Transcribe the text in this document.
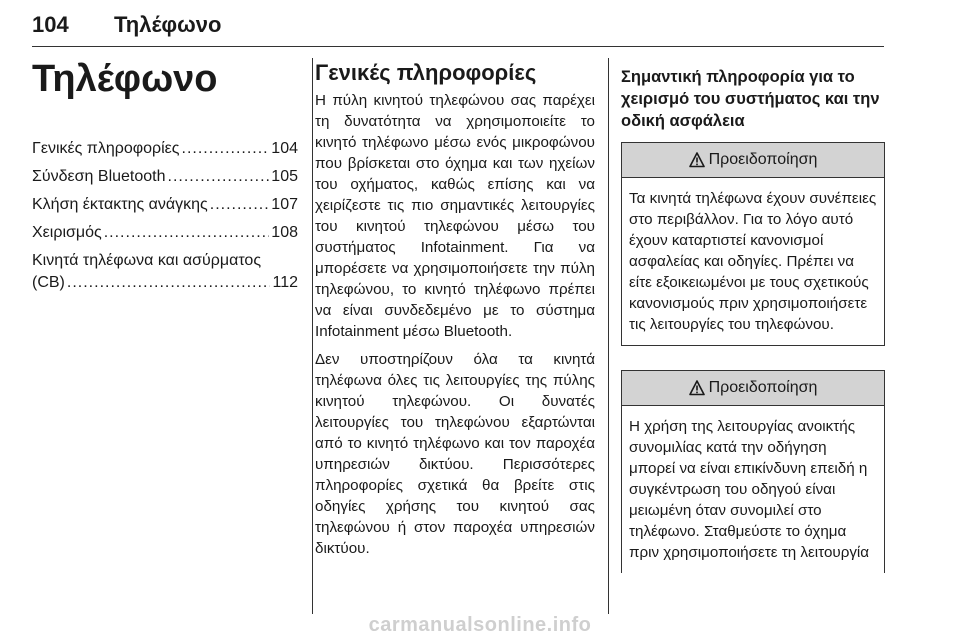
104 Τηλέφωνο
Τηλέφωνο
Γενικές πληροφορίες .....	104
Σύνδεση Bluetooth .....	105
Κλήση έκτακτης ανάγκης .....	107
Χειρισμός .....	108
Κινητά τηλέφωνα και ασύρματος
(CB) .....	112
Γενικές πληροφορίες

Η πύλη κινητού τηλεφώνου σας παρέχει τη δυνατότητα να χρησιμοποιείτε το κινητό τηλέφωνο μέσω ενός μικροφώνου που βρίσκεται στο όχημα και των ηχείων του οχήματος, καθώς επίσης και να χειρίζεστε τις πιο σημαντικές λειτουργίες του κινητού τηλεφώνου μέσω του συστήματος Infotainment. Για να μπορέσετε να χρησιμοποιήσετε την πύλη τηλεφώνου, το κινητό τηλέφωνο πρέπει να είναι συνδεδεμένο με το σύστημα Infotainment μέσω Bluetooth.

Δεν υποστηρίζουν όλα τα κινητά τηλέφωνα όλες τις λειτουργίες της πύλης κινητού τηλεφώνου. Οι δυνατές λειτουργίες του τηλεφώνου εξαρτώνται από το κινητό τηλέφωνο και τον παροχέα υπηρεσιών δικτύου. Περισσότερες πληροφορίες σχετικά θα βρείτε στις οδηγίες χρήσης του κινητού σας τηλεφώνου ή στον παροχέα υπηρεσιών δικτύου.

Σημαντική πληροφορία για το χειρισμό του συστήματος και την οδική ασφάλεια
Προειδοποίηση
Τα κινητά τηλέφωνα έχουν συνέπειες στο περιβάλλον. Για το λόγο αυτό έχουν καταρτιστεί κανονισμοί ασφαλείας και οδηγίες. Πρέπει να είτε εξοικειωμένοι με τους σχετικούς κανονισμούς πριν χρησιμοποιήσετε τις λειτουργίες του τηλεφώνου.
Προειδοποίηση
Η χρήση της λειτουργίας ανοικτής συνομιλίας κατά την οδήγηση μπορεί να είναι επικίνδυνη επειδή η συγκέντρωση του οδηγού είναι μειωμένη όταν συνομιλεί στο τηλέφωνο. Σταθμεύστε το όχημα πριν χρησιμοποιήσετε τη λειτουργία
carmanualsonline.info
